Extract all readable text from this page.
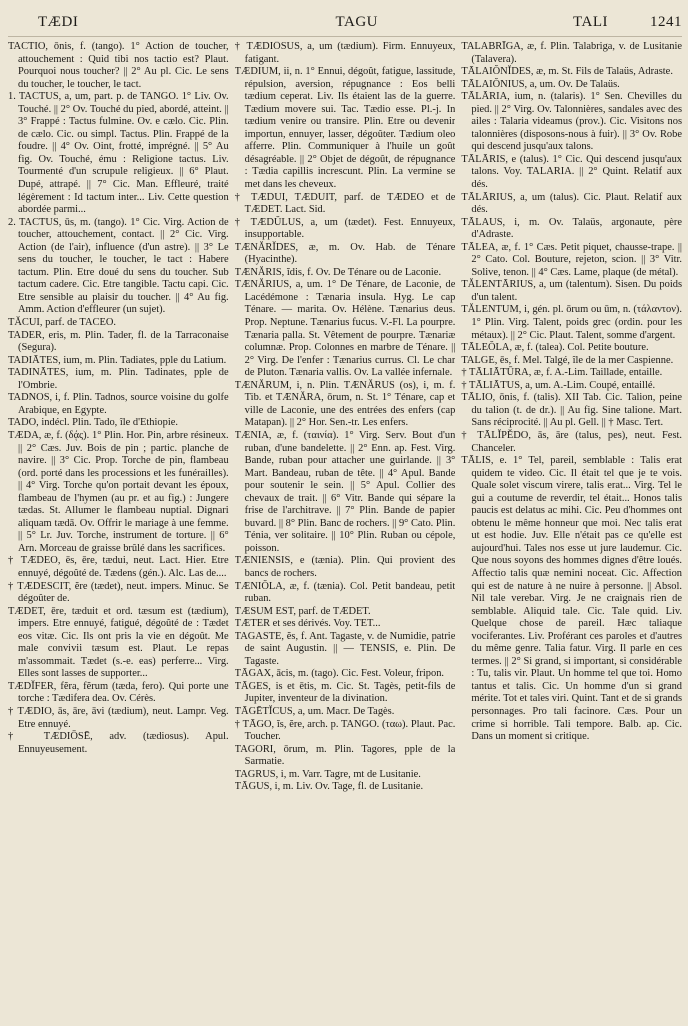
TÆDI	TAGU	TALI	1241

TACTIO, ōnis, f. (tango). 1° Action de toucher, attouchement : Quid tibi nos tactio est? Plaut. Pourquoi nous toucher? || 2° Au pl. Cic. Le sens du toucher, le toucher, le tact.

1. TACTUS, a, um, part. p. de TANGO. 1° Liv. Ov. Touché. || 2° Ov. Touché du pied, abordé, atteint. || 3° Frappé : Tactus fulmine. Ov. e cælo. Cic. Plin. de cælo. Cic. ou simpl. Tactus. Plin. Frappé de la foudre. || 4° Ov. Oint, frotté, imprégné. || 5° Au fig. Ov. Touché, ému : Religione tactus. Liv. Tourmenté d'un scrupule religieux. || 6° Plaut. Dupé, attrapé. || 7° Cic. Man. Effleuré, traité légèrement : Id tactum inter... Liv. Cette question abordée parmi...

2. TACTUS, ūs, m. (tango). 1° Cic. Virg. Action de toucher, attouchement, contact. || 2° Cic. Virg. Action (de l'air), influence (d'un astre). || 3° Le sens du toucher, le toucher, le tact : Habere tactum. Plin. Etre doué du sens du toucher. Sub tactum cadere. Cic. Etre tangible. Tactu capi. Cic. Etre sensible au plaisir du toucher. || 4° Au fig. Amm. Action d'effleurer (un sujet).

TĂCUI, parf. de TACEO.

TADER, eris, m. Plin. Tader, fl. de la Tarraconaise (Segura).

TADIĀTES, ium, m. Plin. Tadiates, pple du Latium.

TADINĀTES, ium, m. Plin. Tadinates, pple de l'Ombrie.

TADNOS, i, f. Plin. Tadnos, source voisine du golfe Arabique, en Egypte.

TADO, indécl. Plin. Tado, île d'Ethiopie.

TÆDA, æ, f. (δᾴς). 1° Plin. Hor. Pin, arbre résineux. || 2° Cæs. Juv. Bois de pin ; partic. planche de navire. || 3° Cic. Prop. Torche de pin, flambeau (ord. porté dans les processions et les funérailles). || 4° Virg. Torche qu'on portait devant les époux, flambeau de l'hymen (au pr. et au fig.) : Jungere tædas. St. Allumer le flambeau nuptial. Dignari aliquam tædā. Ov. Offrir le mariage à une femme. || 5° Lr. Juv. Torche, instrument de torture. || 6° Arn. Morceau de graisse brûlé dans les sacrifices.

† TÆDEO, ēs, ēre, tædui, neut. Lact. Hier. Etre ennuyé, dégoûté de. Tædens (gén.). Alc. Las de....

† TÆDESCIT, ĕre (tædet), neut. impers. Minuc. Se dégoûter de.

TÆDET, ēre, tæduit et ord. tæsum est (tædium), impers. Etre ennuyé, fatigué, dégoûté de : Tædet eos vitæ. Cic. Ils ont pris la vie en dégoût. Me male convivii tæsum est. Plaut. Le repas m'assommait. Tædet (s.-e. eas) perferre... Virg. Elles sont lasses de supporter...

TÆDĬFER, fĕra, fĕrum (tæda, fero). Qui porte une torche : Tædifera dea. Ov. Cérès.

† TÆDIO, ās, āre, āvi (tædium), neut. Lampr. Veg. Etre ennuyé.

† TÆDIŌSĒ, adv. (tædiosus). Apul. Ennuyeusement.

† TÆDIŌSUS, a, um (tædium). Firm. Ennuyeux, fatigant.

TÆDIUM, ii, n. 1° Ennui, dégoût, fatigue, lassitude, répulsion, aversion, répugnance : Eos belli tædium ceperat. Liv. Ils étaient las de la guerre. Tædium movere sui. Tac. Tædio esse. Pl.-j. In tædium venire ou transire. Plin. Etre ou devenir importun, ennuyer, lasser, dégoûter. Tædium oleo afferre. Plin. Communiquer à l'huile un goût désagréable. || 2° Objet de dégoût, de répugnance : Tædia capillis increscunt. Plin. La vermine se met dans les cheveux.

† TÆDUI, TÆDUIT, parf. de TÆDEO et de TÆDET. Lact. Sid.

† TÆDŬLUS, a, um (tædet). Fest. Ennuyeux, insupportable.

TÆNĂRĬDES, æ, m. Ov. Hab. de Ténare (Hyacinthe).

TÆNĂRIS, ĭdis, f. Ov. De Ténare ou de Laconie.

TÆNĂRIUS, a, um. 1° De Ténare, de Laconie, de Lacédémone : Tænaria insula. Hyg. Le cap Ténare. — marita. Ov. Hélène. Tænarius deus. Prop. Neptune. Tænarius fucus. V.-Fl. La pourpre. Tænaria palla. St. Vêtement de pourpre. Tænariæ columnæ. Prop. Colonnes en marbre de Ténare. || 2° Virg. De l'enfer : Tænarius currus. Cl. Le char de Pluton. Tænaria vallis. Ov. La vallée infernale.

TÆNĂRUM, i, n. Plin. TÆNĂRUS (os), i, m. f. Tib. et TÆNĂRA, ōrum, n. St. 1° Ténare, cap et ville de Laconie, une des entrées des enfers (cap Matapan). || 2° Hor. Sen.-tr. Les enfers.

TÆNIA, æ, f. (ταινία). 1° Virg. Serv. Bout d'un ruban, d'une bandelette. || 2° Enn. ap. Fest. Virg. Bande, ruban pour attacher une guirlande. || 3° Mart. Bandeau, ruban de tête. || 4° Apul. Bande pour soutenir le sein. || 5° Apul. Collier des chevaux de trait. || 6° Vitr. Bande qui sépare la frise de l'architrave. || 7° Plin. Bande de papier buvard. || 8° Plin. Banc de rochers. || 9° Cato. Plin. Ténia, ver solitaire. || 10° Plin. Ruban ou cépole, poisson.

TÆNIENSIS, e (tænia). Plin. Qui provient des bancs de rochers.

TÆNIŎLA, æ, f. (tænia). Col. Petit bandeau, petit ruban.

TÆSUM EST, parf. de TÆDET.

TÆTER et ses dérivés. Voy. TET...

TAGASTE, ĕs, f. Ant. Tagaste, v. de Numidie, patrie de saint Augustin. || — TENSIS, e. Plin. De Tagaste.

TĀGAX, ācis, m. (tago). Cic. Fest. Voleur, fripon.

TĀGES, is et ētis, m. Cic. St. Tagès, petit-fils de Jupiter, inventeur de la divination.

TĀGĒTĬCUS, a, um. Macr. De Tagès.

† TĀGO, ĭs, ĕre, arch. p. TANGO. (ταω). Plaut. Pac. Toucher.

TAGORI, ōrum, m. Plin. Tagores, pple de la Sarmatie.

TAGRUS, i, m. Varr. Tagre, mt de Lusitanie.

TĀGUS, i, m. Liv. Ov. Tage, fl. de Lusitanie.

TALABRĪGA, æ, f. Plin. Talabriga, v. de Lusitanie (Talavera).

TĀLAIŎNĬDES, æ, m. St. Fils de Talaüs, Adraste.

TĀLAIŎNIUS, a, um. Ov. De Talaüs.

TĀLĀRIA, ium, n. (talaris). 1° Sen. Chevilles du pied. || 2° Virg. Ov. Talonnières, sandales avec des ailes : Talaria videamus (prov.). Cic. Visitons nos talonnières (disposons-nous à fuir). || 3° Ov. Robe qui descend jusqu'aux talons.

TĀLĀRIS, e (talus). 1° Cic. Qui descend jusqu'aux talons. Voy. TALARIA. || 2° Quint. Relatif aux dés.

TĀLĀRIUS, a, um (talus). Cic. Plaut. Relatif aux dés.

TĀLAUS, i, m. Ov. Talaüs, argonaute, père d'Adraste.

TĀLEA, æ, f. 1° Cæs. Petit piquet, chausse-trape. || 2° Cato. Col. Bouture, rejeton, scion. || 3° Vitr. Solive, tenon. || 4° Cæs. Lame, plaque (de métal).

TĂLENTĀRIUS, a, um (talentum). Sisen. Du poids d'un talent.

TĂLENTUM, i, gén. pl. ōrum ou ūm, n. (τάλαντον). 1° Plin. Virg. Talent, poids grec (ordin. pour les métaux). || 2° Cic. Plaut. Talent, somme d'argent.

TĀLEŎLA, æ, f. (talea). Col. Petite bouture.

TALGE, ēs, f. Mel. Talgé, île de la mer Caspienne.

† TĀLIĀTŪRA, æ, f. A.-Lim. Taillade, entaille.

† TĀLIĀTUS, a, um. A.-Lim. Coupé, entaillé.

TĀLIO, ōnis, f. (talis). XII Tab. Cic. Talion, peine du talion (t. de dr.). || Au fig. Sine talione. Mart. Sans réciprocité. || Au pl. Gell. || † Masc. Tert.

† TĀLĬPĔDO, ās, āre (talus, pes), neut. Fest. Chanceler.

TĀLIS, e. 1° Tel, pareil, semblable : Talis erat quidem te video. Cic. Il était tel que je te vois. Quale solet viscum virere, talis erat... Virg. Tel le gui a coutume de reverdir, tel était... Honos talis paucis est delatus ac mihi. Cic. Peu d'hommes ont obtenu le même honneur que moi. Nec talis erat ut est hodie. Juv. Elle n'était pas ce qu'elle est aujourd'hui. Tales nos esse ut jure laudemur. Cic. Que nous soyons des hommes dignes d'être loués. Affectio talis quæ nemini noceat. Cic. Affection qui est de nature à ne nuire à personne. || Absol. Nil tale verebar. Virg. Je ne craignais rien de semblable. Aliquid tale. Cic. Tale quid. Liv. Quelque chose de pareil. Hæc taliaque vociferantes. Liv. Proférant ces paroles et d'autres du même genre. Talia fatur. Virg. Il parle en ces termes. || 2° Si grand, si important, si considérable : Tu, talis vir. Plaut. Un homme tel que toi. Homo tantus et talis. Cic. Un homme d'un si grand mérite. Tot et tales viri. Quint. Tant et de si grands personnages. Pro tali facinore. Cæs. Pour un crime si horrible. Tali tempore. Balb. ap. Cic. Dans un moment si critique.
